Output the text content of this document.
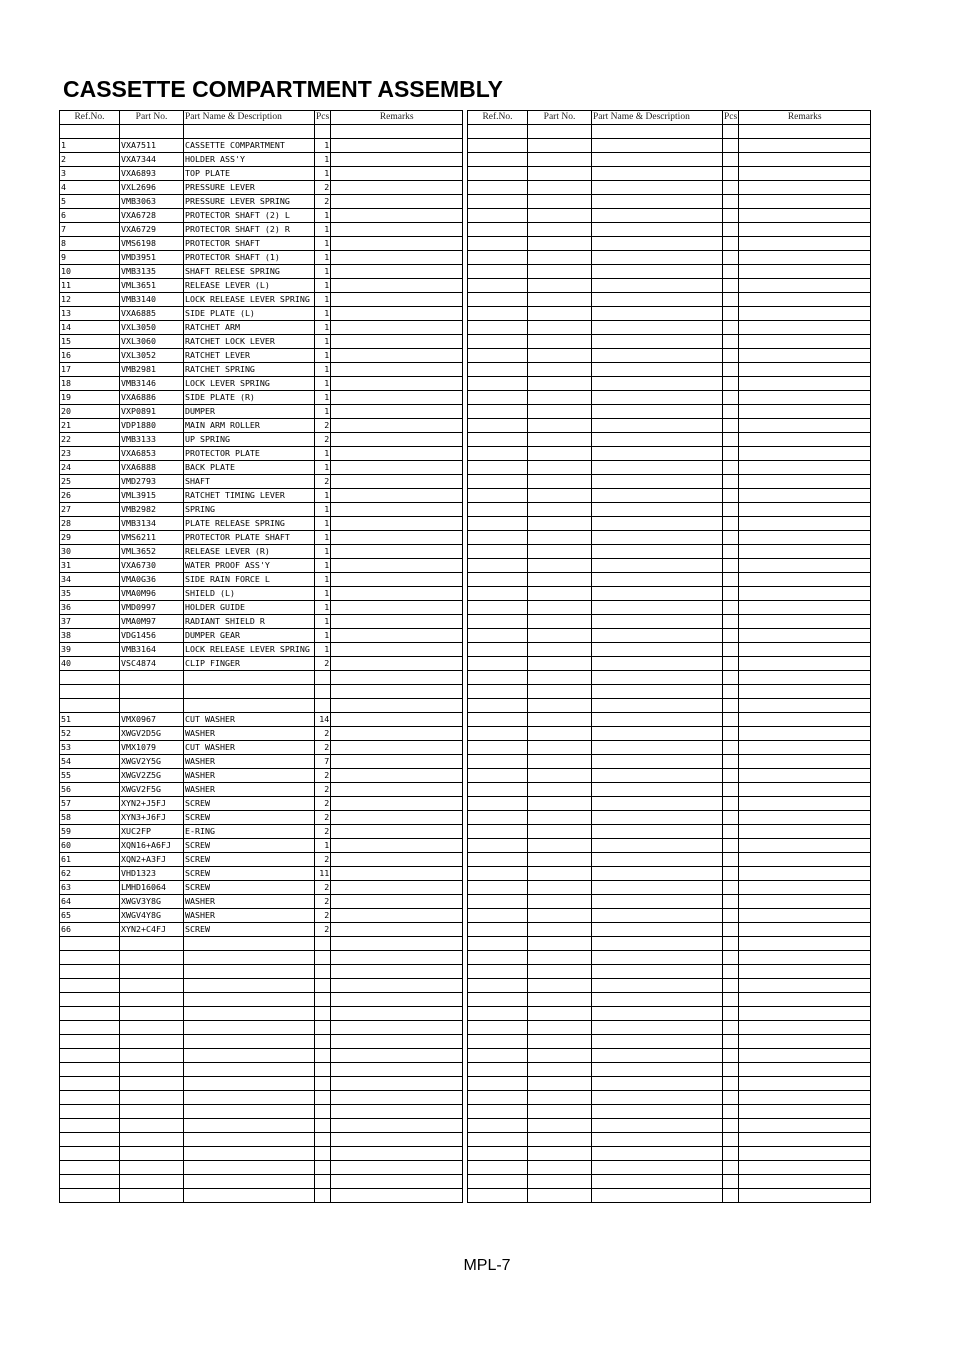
CASSETTE COMPARTMENT ASSEMBLY
Ref.No.	Part No.	Part Name & Description	Pcs	Remarks

1	VXA7511	CASSETTE COMPARTMENT	1	
2	VXA7344	HOLDER ASS'Y	1	
3	VXA6893	TOP PLATE	1	
4	VXL2696	PRESSURE LEVER	2	
5	VMB3063	PRESSURE LEVER SPRING	2	
6	VXA6728	PROTECTOR SHAFT (2) L	1	
7	VXA6729	PROTECTOR SHAFT (2) R	1	
8	VMS6198	PROTECTOR SHAFT	1	
9	VMD3951	PROTECTOR SHAFT (1)	1	
10	VMB3135	SHAFT RELESE SPRING	1	
11	VML3651	RELEASE LEVER (L)	1	
12	VMB3140	LOCK RELEASE LEVER SPRING	1	
13	VXA6885	SIDE PLATE (L)	1	
14	VXL3050	RATCHET ARM	1	
15	VXL3060	RATCHET LOCK LEVER	1	
16	VXL3052	RATCHET LEVER	1	
17	VMB2981	RATCHET SPRING	1	
18	VMB3146	LOCK LEVER SPRING	1	
19	VXA6886	SIDE PLATE (R)	1	
20	VXP0891	DUMPER	1	
21	VDP1880	MAIN ARM ROLLER	2	
22	VMB3133	UP SPRING	2	
23	VXA6853	PROTECTOR PLATE	1	
24	VXA6888	BACK PLATE	1	
25	VMD2793	SHAFT	2	
26	VML3915	RATCHET TIMING LEVER	1	
27	VMB2982	SPRING	1	
28	VMB3134	PLATE RELEASE SPRING	1	
29	VMS6211	PROTECTOR PLATE SHAFT	1	
30	VML3652	RELEASE LEVER (R)	1	
31	VXA6730	WATER PROOF ASS'Y	1	
34	VMA0G36	SIDE RAIN FORCE L	1	
35	VMA0M96	SHIELD (L)	1	
36	VMD0997	HOLDER GUIDE	1	
37	VMA0M97	RADIANT SHIELD R	1	
38	VDG1456	DUMPER GEAR	1	
39	VMB3164	LOCK RELEASE LEVER SPRING	1	
40	VSC4874	CLIP FINGER	2	

51	VMX0967	CUT WASHER	14	
52	XWGV2D5G	WASHER	2	
53	VMX1079	CUT WASHER	2	
54	XWGV2Y5G	WASHER	7	
55	XWGV2Z5G	WASHER	2	
56	XWGV2F5G	WASHER	2	
57	XYN2+J5FJ	SCREW	2	
58	XYN3+J6FJ	SCREW	2	
59	XUC2FP	E-RING	2	
60	XQN16+A6FJ	SCREW	1	
61	XQN2+A3FJ	SCREW	2	
62	VHD1323	SCREW	11	
63	LMHD16064	SCREW	2	
64	XWGV3Y8G	WASHER	2	
65	XWGV4Y8G	WASHER	2	
66	XYN2+C4FJ	SCREW	2	

Ref.No.	Part No.	Part Name & Description	Pcs	Remarks

MPL-7
